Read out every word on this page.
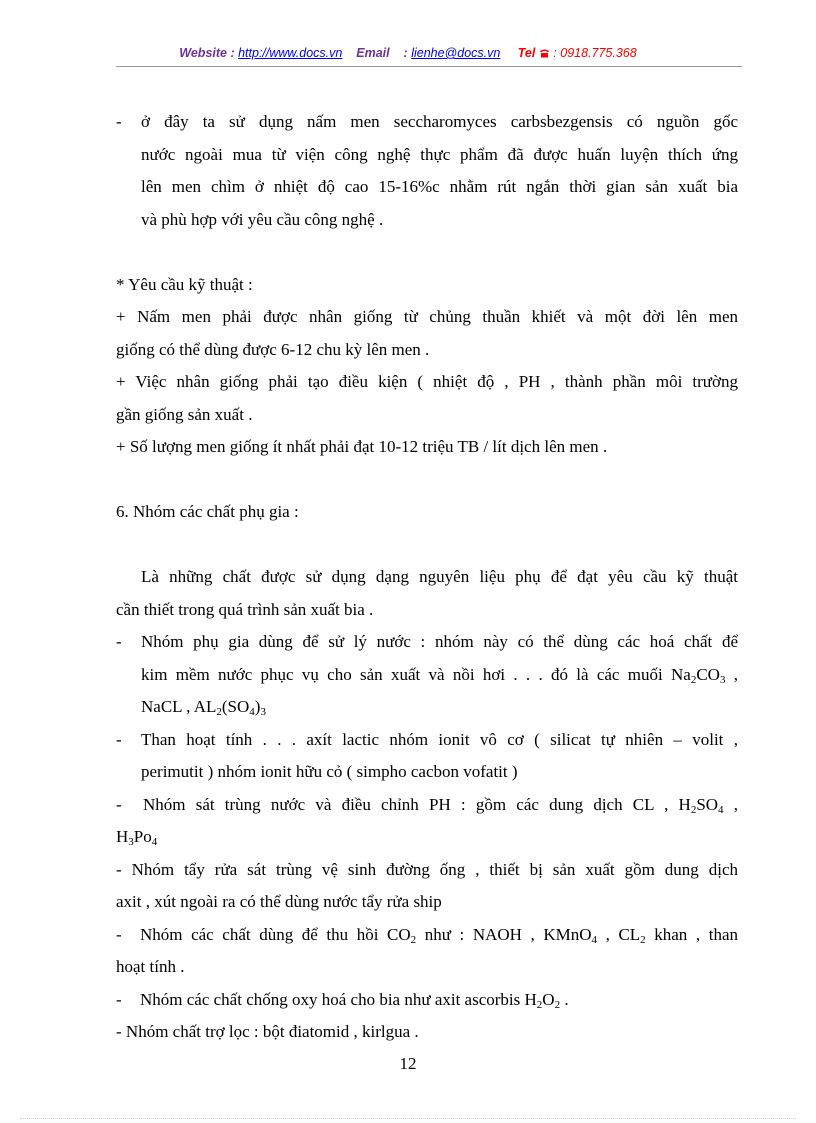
Website : http://www.docs.vn Email : lienhe@docs.vn Tel : 0918.775.368
-	ở đây ta sử dụng nấm men seccharomyces carbsbezgensis có nguồn gốc
nước ngoài mua từ viện công nghệ thực phẩm đã được huấn luyện thích ứng
lên men chìm ở nhiệt độ cao 15-16%c nhằm rút ngắn thời gian sản xuất bia
và phù hợp với yêu cầu công nghệ .
* Yêu cầu kỹ thuật :
+ Nấm men phải được nhân giống từ chủng thuần khiết và một đời lên men
giống có thể dùng được 6-12 chu kỳ lên men .
+ Việc nhân giống phải tạo điều kiện ( nhiệt độ , PH , thành phần môi trường
gần giống sản xuất .
+ Số lượng men giống ít nhất phải đạt 10-12 triệu TB / lít dịch lên men .
6. Nhóm các chất phụ gia :
Là những chất được sử dụng dạng nguyên liệu phụ để đạt yêu cầu kỹ thuật
cần thiết trong quá trình sản xuất bia .
-	Nhóm phụ gia dùng để sử lý nước : nhóm này có thể dùng các hoá chất để
kim mềm nước phục vụ cho sản xuất và nồi hơi . . . đó là các muối $Na_2CO_3$ ,
NaCL , $AL_2(SO_4)_3$
-	Than hoạt tính . . . axít lactic nhóm ionit vô cơ ( silicat tự nhiên – volit ,
perimutit ) nhóm ionit hữu cỏ ( simpho cacbon vofatit )
-	Nhóm sát trùng nước và điều chỉnh PH : gồm các dung dịch CL , $H_2SO_4$ ,
$H_3Po_4$
- Nhóm tẩy rửa sát trùng vệ sinh đường ống , thiết bị sản xuất gồm dung dịch
axit , xút ngoài ra có thể dùng nước tẩy rửa ship
-	Nhóm các chất dùng để thu hồi $CO_2$ như : NAOH , KMnO$_4$ , $CL_2$ khan , than
hoạt tính .
-	Nhóm các chất chống oxy hoá cho bia như axit ascorbis $H_2O_2$ .
- Nhóm chất trợ lọc : bột điatomid , kirlgua .
12
